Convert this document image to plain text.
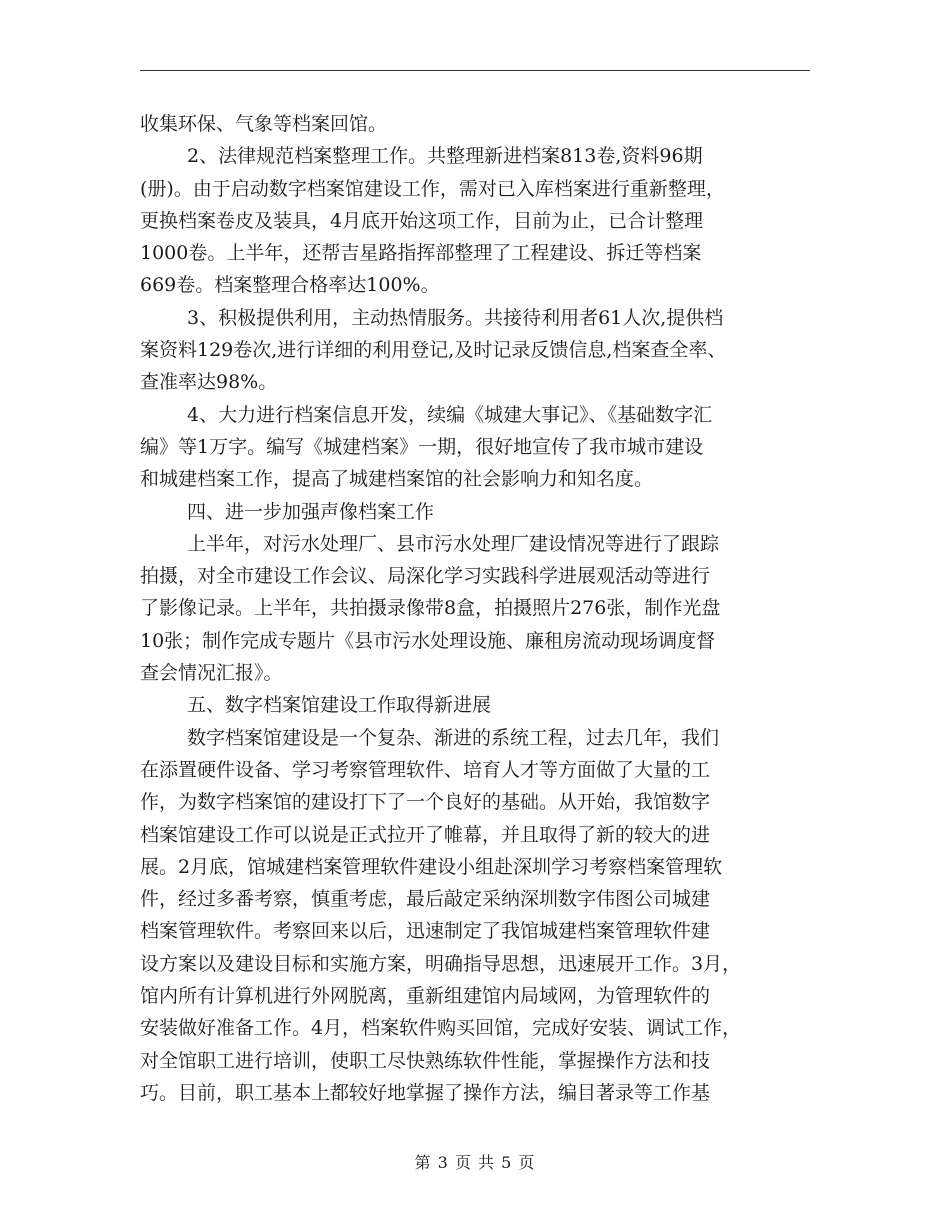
收集环保、气象等档案回馆。
2、法律规范档案整理工作。共整理新进档案813卷,资料96期
(册)。由于启动数字档案馆建设工作，需对已入库档案进行重新整理，
更换档案卷皮及装具，4月底开始这项工作，目前为止，已合计整理
1000卷。上半年，还帮吉星路指挥部整理了工程建设、拆迁等档案
669卷。档案整理合格率达100%。
3、积极提供利用，主动热情服务。共接待利用者61人次,提供档
案资料129卷次,进行详细的利用登记,及时记录反馈信息,档案查全率、
查准率达98%。
4、大力进行档案信息开发，续编《城建大事记》、《基础数字汇
编》等1万字。编写《城建档案》一期，很好地宣传了我市城市建设
和城建档案工作，提高了城建档案馆的社会影响力和知名度。
四、进一步加强声像档案工作
上半年，对污水处理厂、县市污水处理厂建设情况等进行了跟踪
拍摄，对全市建设工作会议、局深化学习实践科学进展观活动等进行
了影像记录。上半年，共拍摄录像带8盒，拍摄照片276张，制作光盘
10张；制作完成专题片《县市污水处理设施、廉租房流动现场调度督
查会情况汇报》。
五、数字档案馆建设工作取得新进展
数字档案馆建设是一个复杂、渐进的系统工程，过去几年，我们
在添置硬件设备、学习考察管理软件、培育人才等方面做了大量的工
作，为数字档案馆的建设打下了一个良好的基础。从开始，我馆数字
档案馆建设工作可以说是正式拉开了帷幕，并且取得了新的较大的进
展。2月底，馆城建档案管理软件建设小组赴深圳学习考察档案管理软
件，经过多番考察，慎重考虑，最后敲定采纳深圳数字伟图公司城建
档案管理软件。考察回来以后，迅速制定了我馆城建档案管理软件建
设方案以及建设目标和实施方案，明确指导思想，迅速展开工作。3月，
馆内所有计算机进行外网脱离，重新组建馆内局域网，为管理软件的
安装做好准备工作。4月，档案软件购买回馆，完成好安装、调试工作，
对全馆职工进行培训，使职工尽快熟练软件性能，掌握操作方法和技
巧。目前，职工基本上都较好地掌握了操作方法，编目著录等工作基
第 3 页 共 5 页
